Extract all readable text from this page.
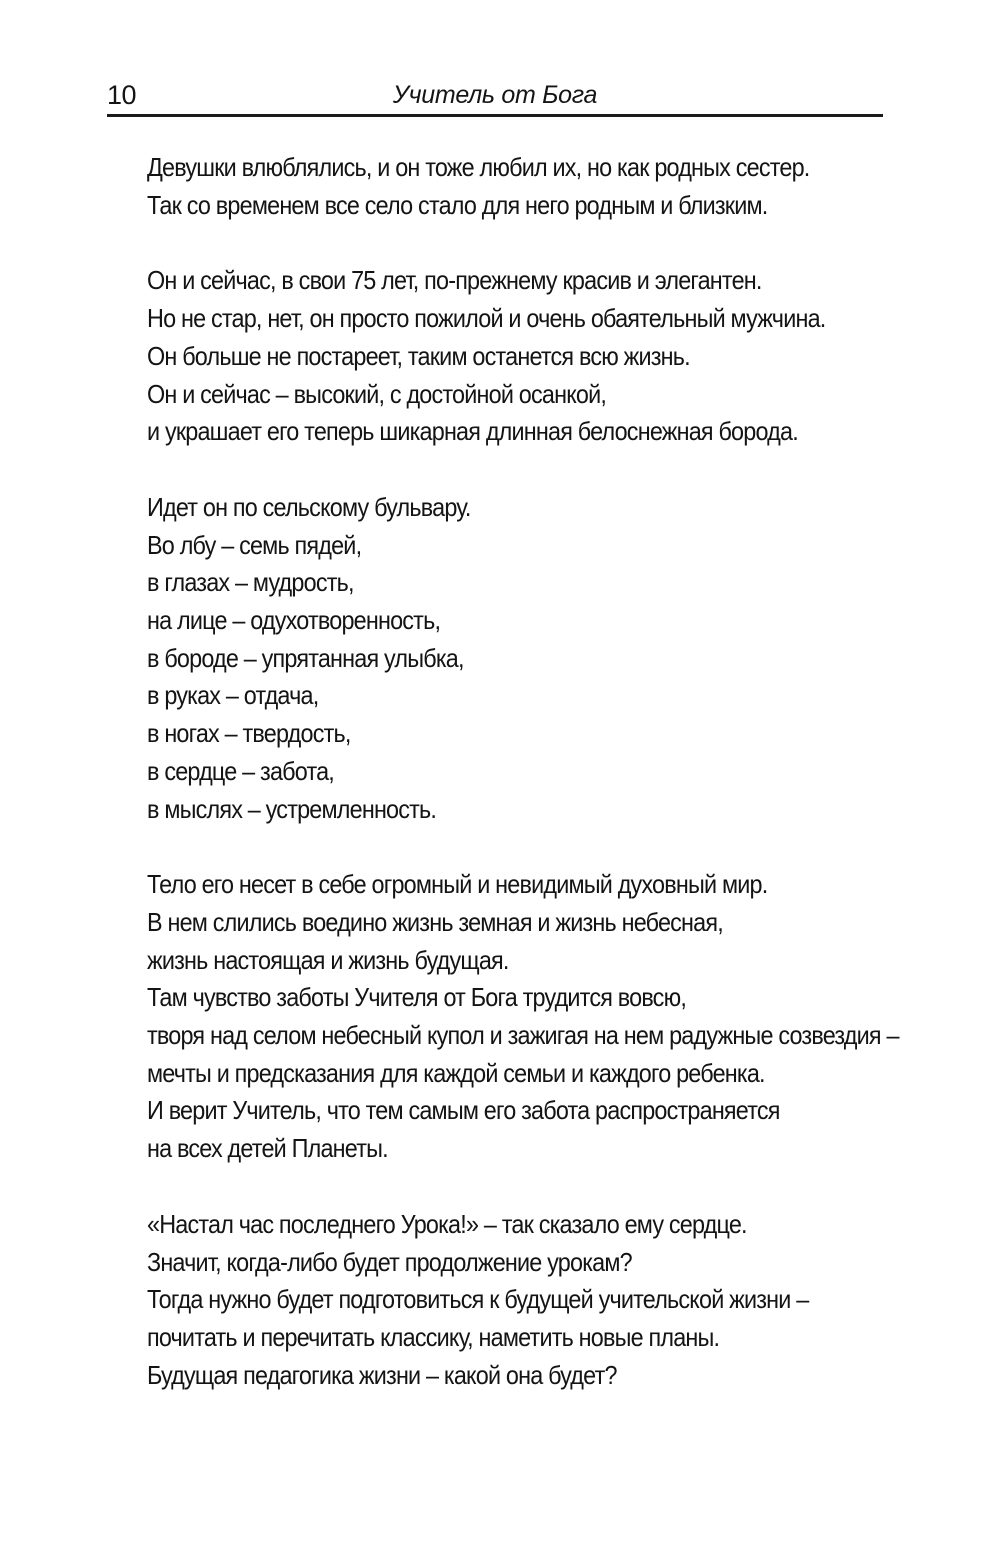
10	Учитель от Бога
Девушки влюблялись, и он тоже любил их, но как родных сестер.
Так со временем все село стало для него родным и близким.
Он и сейчас, в свои 75 лет, по-прежнему красив и элегантен.
Но не стар, нет, он просто пожилой и очень обаятельный мужчина.
Он больше не постареет, таким останется всю жизнь.
Он и сейчас – высокий, с достойной осанкой,
и украшает его теперь шикарная длинная белоснежная борода.
Идет он по сельскому бульвару.
Во лбу – семь пядей,
в глазах – мудрость,
на лице – одухотворенность,
в бороде – упрятанная улыбка,
в руках – отдача,
в ногах – твердость,
в сердце – забота,
в мыслях – устремленность.
Тело его несет в себе огромный и невидимый духовный мир.
В нем слились воедино жизнь земная и жизнь небесная,
жизнь настоящая и жизнь будущая.
Там чувство заботы Учителя от Бога трудится вовсю,
творя над селом небесный купол и зажигая на нем радужные созвездия –
мечты и предсказания для каждой семьи и каждого ребенка.
И верит Учитель, что тем самым его забота распространяется
на всех детей Планеты.
«Настал час последнего Урока!» – так сказало ему сердце.
Значит, когда-либо будет продолжение урокам?
Тогда нужно будет подготовиться к будущей учительской жизни –
почитать и перечитать классику, наметить новые планы.
Будущая педагогика жизни – какой она будет?
